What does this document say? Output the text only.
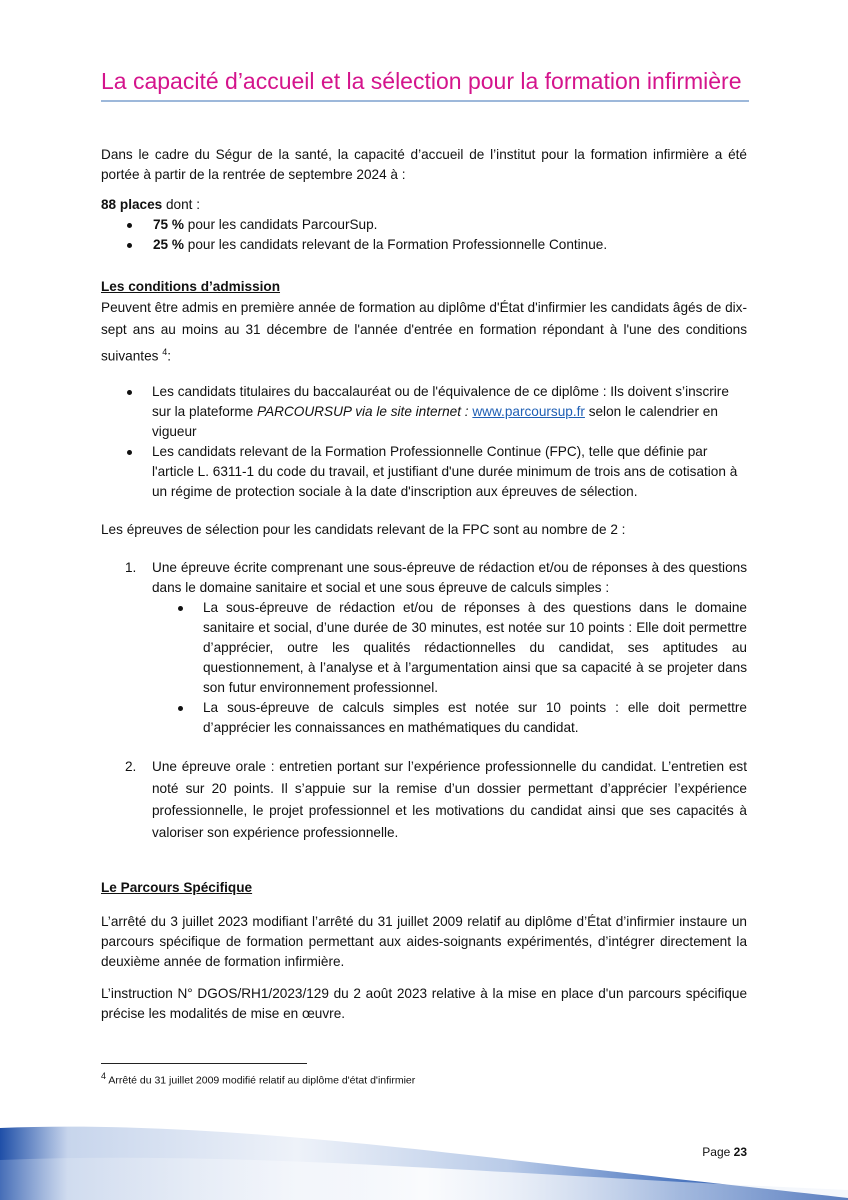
La capacité d’accueil et la sélection pour la formation infirmière

Dans le cadre du Ségur de la santé, la capacité d’accueil de l’institut pour la formation infirmière a été portée à partir de la rentrée de septembre 2024 à :

88 places dont :

75 % pour les candidats ParcourSup.
25 % pour les candidats relevant de la Formation Professionnelle Continue.

Les conditions d’admission

Peuvent être admis en première année de formation au diplôme d'État d'infirmier les candidats âgés de dix-sept ans au moins au 31 décembre de l'année d'entrée en formation répondant à l'une des conditions suivantes $^4$:

Les candidats titulaires du baccalauréat ou de l'équivalence de ce diplôme : Ils doivent s’inscrire sur la plateforme PARCOURSUP via le site internet : www.parcoursup.fr selon le calendrier en vigueur
Les candidats relevant de la Formation Professionnelle Continue (FPC), telle que définie par l'article L. 6311-1 du code du travail, et justifiant d'une durée minimum de trois ans de cotisation à un régime de protection sociale à la date d'inscription aux épreuves de sélection.

Les épreuves de sélection pour les candidats relevant de la FPC sont au nombre de 2 :

1. Une épreuve écrite comprenant une sous-épreuve de rédaction et/ou de réponses à des questions dans le domaine sanitaire et social et une sous épreuve de calculs simples :

La sous-épreuve de rédaction et/ou de réponses à des questions dans le domaine sanitaire et social, d’une durée de 30 minutes, est notée sur 10 points : Elle doit permettre d’apprécier, outre les qualités rédactionnelles du candidat, ses aptitudes au questionnement, à l’analyse et à l’argumentation ainsi que sa capacité à se projeter dans son futur environnement professionnel.
La sous-épreuve de calculs simples est notée sur 10 points : elle doit permettre d’apprécier les connaissances en mathématiques du candidat.
2. Une épreuve orale : entretien portant sur l’expérience professionnelle du candidat. L’entretien est noté sur 20 points. Il s’appuie sur la remise d’un dossier permettant d’apprécier l’expérience professionnelle, le projet professionnel et les motivations du candidat ainsi que ses capacités à valoriser son expérience professionnelle.

Le Parcours Spécifique

L’arrêté du 3 juillet 2023 modifiant l’arrêté du 31 juillet 2009 relatif au diplôme d’État d’infirmier instaure un parcours spécifique de formation permettant aux aides-soignants expérimentés, d’intégrer directement la deuxième année de formation infirmière.

L’instruction N° DGOS/RH1/2023/129 du 2 août 2023 relative à la mise en place d'un parcours spécifique précise les modalités de mise en œuvre.

$^4$ Arrêté du 31 juillet 2009 modifié relatif au diplôme d'état d'infirmier
Page 23
